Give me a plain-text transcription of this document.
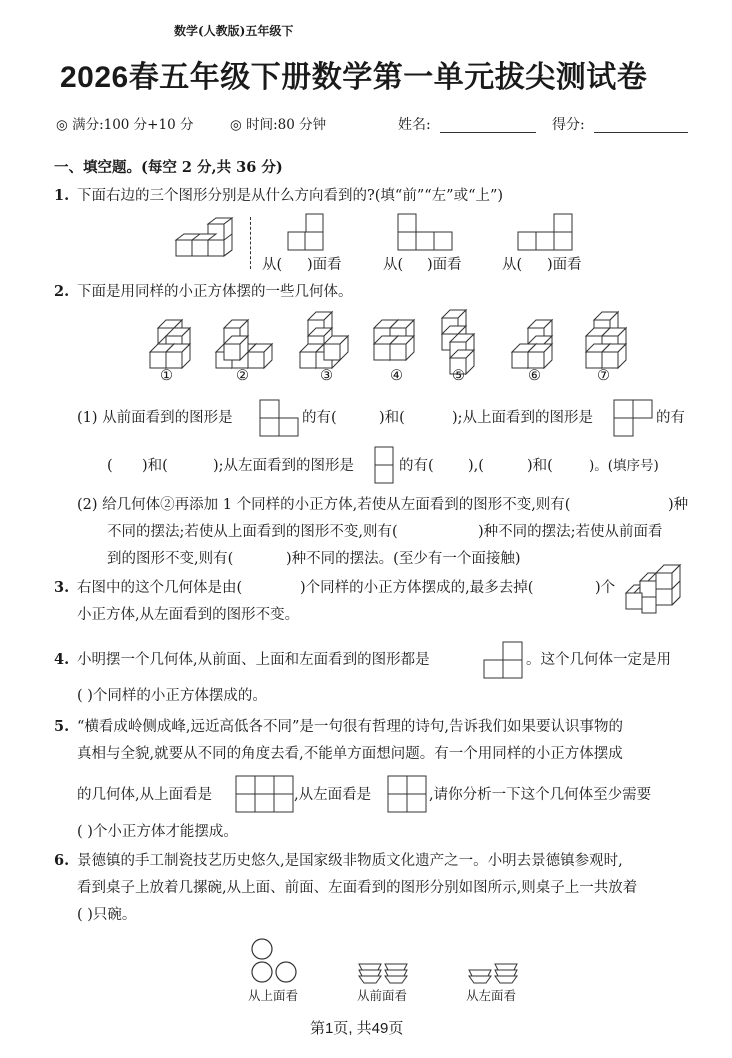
数学(人教版)五年级下
2026春五年级下册数学第一单元拔尖测试卷
◎ 满分:100 分+10 分	◎ 时间:80 分钟	姓名:	得分:
一、填空题。(每空 2 分,共 36 分)
1. 下面右边的三个图形分别是从什么方向看到的?(填“前”“左”或“上”)
从( )面看	从( )面看	从( )面看
2. 下面是用同样的小正方体摆的一些几何体。
①	②	③	④	⑤	⑥	⑦
(1) 从前面看到的图形是	的有(	)和(	);从上面看到的图形是	的有
( )和(	);从左面看到的图形是	的有( ),(	)和(	)。(填序号)
(2) 给几何体②再添加 1 个同样的小正方体,若使从左面看到的图形不变,则有(	)种
不同的摆法;若使从上面看到的图形不变,则有(	)种不同的摆法;若使从前面看
到的图形不变,则有(	)种不同的摆法。(至少有一个面接触)
3. 右图中的这个几何体是由(	)个同样的小正方体摆成的,最多去掉(	)个
小正方体,从左面看到的图形不变。
4. 小明摆一个几何体,从前面、上面和左面看到的图形都是	。这个几何体一定是用
( )个同样的小正方体摆成的。
5. “横看成岭侧成峰,远近高低各不同”是一句很有哲理的诗句,告诉我们如果要认识事物的
真相与全貌,就要从不同的角度去看,不能单方面想问题。有一个用同样的小正方体摆成
的几何体,从上面看是	,从左面看是	,请你分析一下这个几何体至少需要
( )个小正方体才能摆成。
6. 景德镇的手工制瓷技艺历史悠久,是国家级非物质文化遗产之一。小明去景德镇参观时,
看到桌子上放着几摞碗,从上面、前面、左面看到的图形分别如图所示,则桌子上一共放着
( )只碗。
从上面看	从前面看	从左面看
第1页, 共49页
